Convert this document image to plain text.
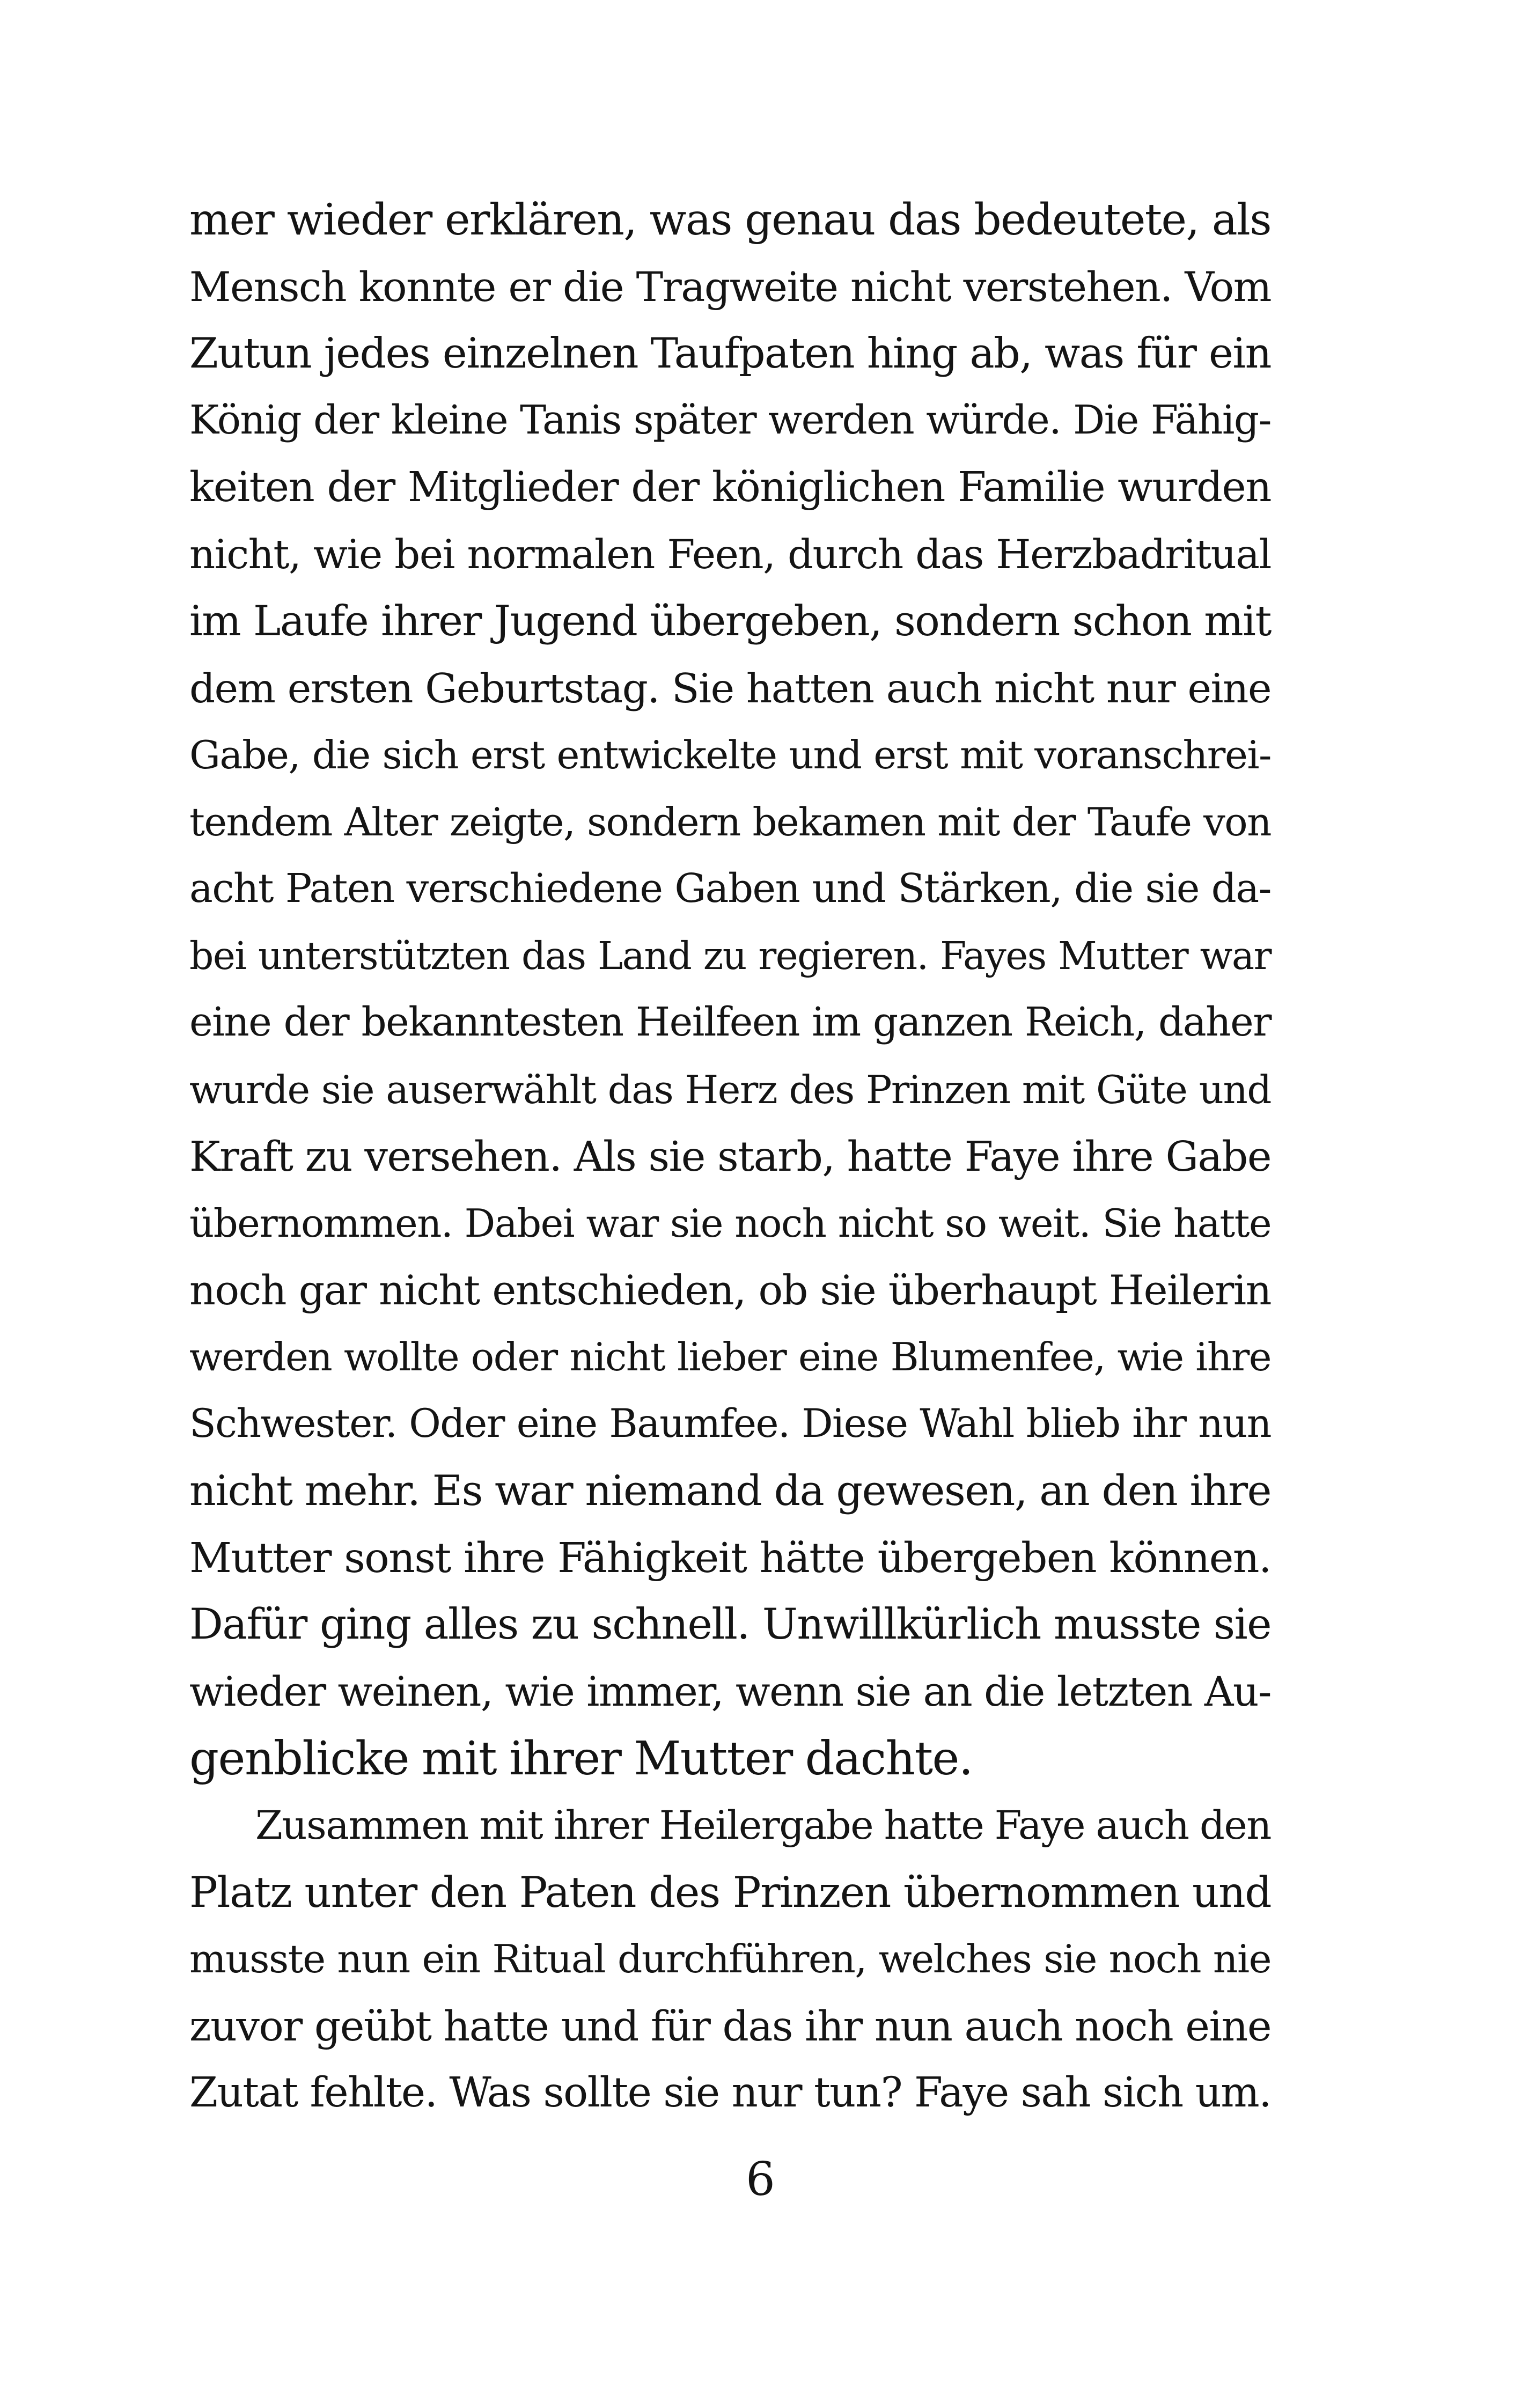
mer wieder erklären, was genau das bedeutete, als
Mensch konnte er die Tragweite nicht verstehen. Vom
Zutun jedes einzelnen Taufpaten hing ab, was für ein
König der kleine Tanis später werden würde. Die Fähig-
keiten der Mitglieder der königlichen Familie wurden
nicht, wie bei normalen Feen, durch das Herzbadritual
im Laufe ihrer Jugend übergeben, sondern schon mit
dem ersten Geburtstag. Sie hatten auch nicht nur eine
Gabe, die sich erst entwickelte und erst mit voranschrei-
tendem Alter zeigte, sondern bekamen mit der Taufe von
acht Paten verschiedene Gaben und Stärken, die sie da-
bei unterstützten das Land zu regieren. Fayes Mutter war
eine der bekanntesten Heilfeen im ganzen Reich, daher
wurde sie auserwählt das Herz des Prinzen mit Güte und
Kraft zu versehen. Als sie starb, hatte Faye ihre Gabe
übernommen. Dabei war sie noch nicht so weit. Sie hatte
noch gar nicht entschieden, ob sie überhaupt Heilerin
werden wollte oder nicht lieber eine Blumenfee, wie ihre
Schwester. Oder eine Baumfee. Diese Wahl blieb ihr nun
nicht mehr. Es war niemand da gewesen, an den ihre
Mutter sonst ihre Fähigkeit hätte übergeben können.
Dafür ging alles zu schnell. Unwillkürlich musste sie
wieder weinen, wie immer, wenn sie an die letzten Au-
genblicke mit ihrer Mutter dachte.
Zusammen mit ihrer Heilergabe hatte Faye auch den
Platz unter den Paten des Prinzen übernommen und
musste nun ein Ritual durchführen, welches sie noch nie
zuvor geübt hatte und für das ihr nun auch noch eine
Zutat fehlte. Was sollte sie nur tun? Faye sah sich um.
6
